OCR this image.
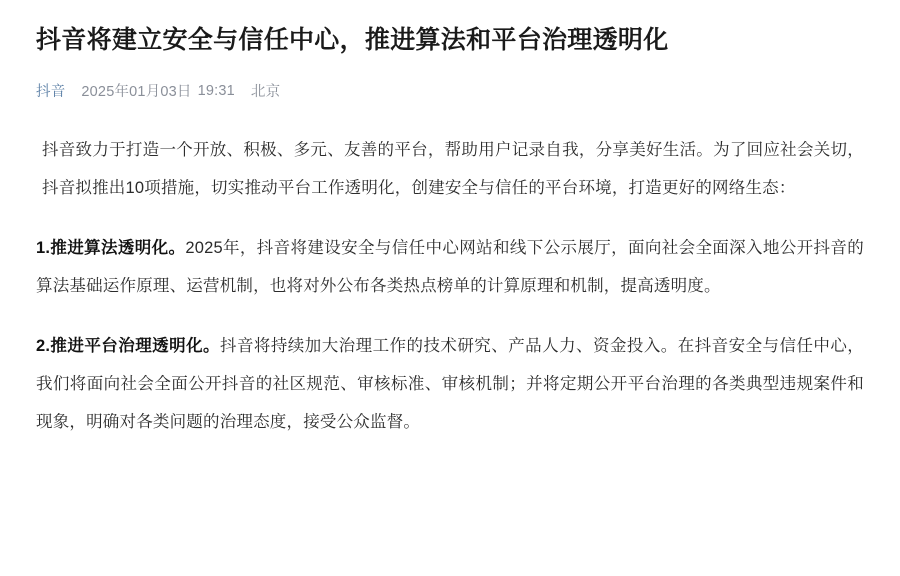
抖音将建立安全与信任中心，推进算法和平台治理透明化
抖音 2025年01月03日 19:31 北京

抖音致力于打造一个开放、积极、多元、友善的平台，帮助用户记录自我，分享美好生活。为了回应社会关切，抖音拟推出10项措施，切实推动平台工作透明化，创建安全与信任的平台环境，打造更好的网络生态：

1.推进算法透明化。2025年，抖音将建设安全与信任中心网站和线下公示展厅，面向社会全面深入地公开抖音的算法基础运作原理、运营机制，也将对外公布各类热点榜单的计算原理和机制，提高透明度。

2.推进平台治理透明化。抖音将持续加大治理工作的技术研究、产品人力、资金投入。在抖音安全与信任中心，我们将面向社会全面公开抖音的社区规范、审核标准、审核机制；并将定期公开平台治理的各类典型违规案件和现象，明确对各类问题的治理态度，接受公众监督。
